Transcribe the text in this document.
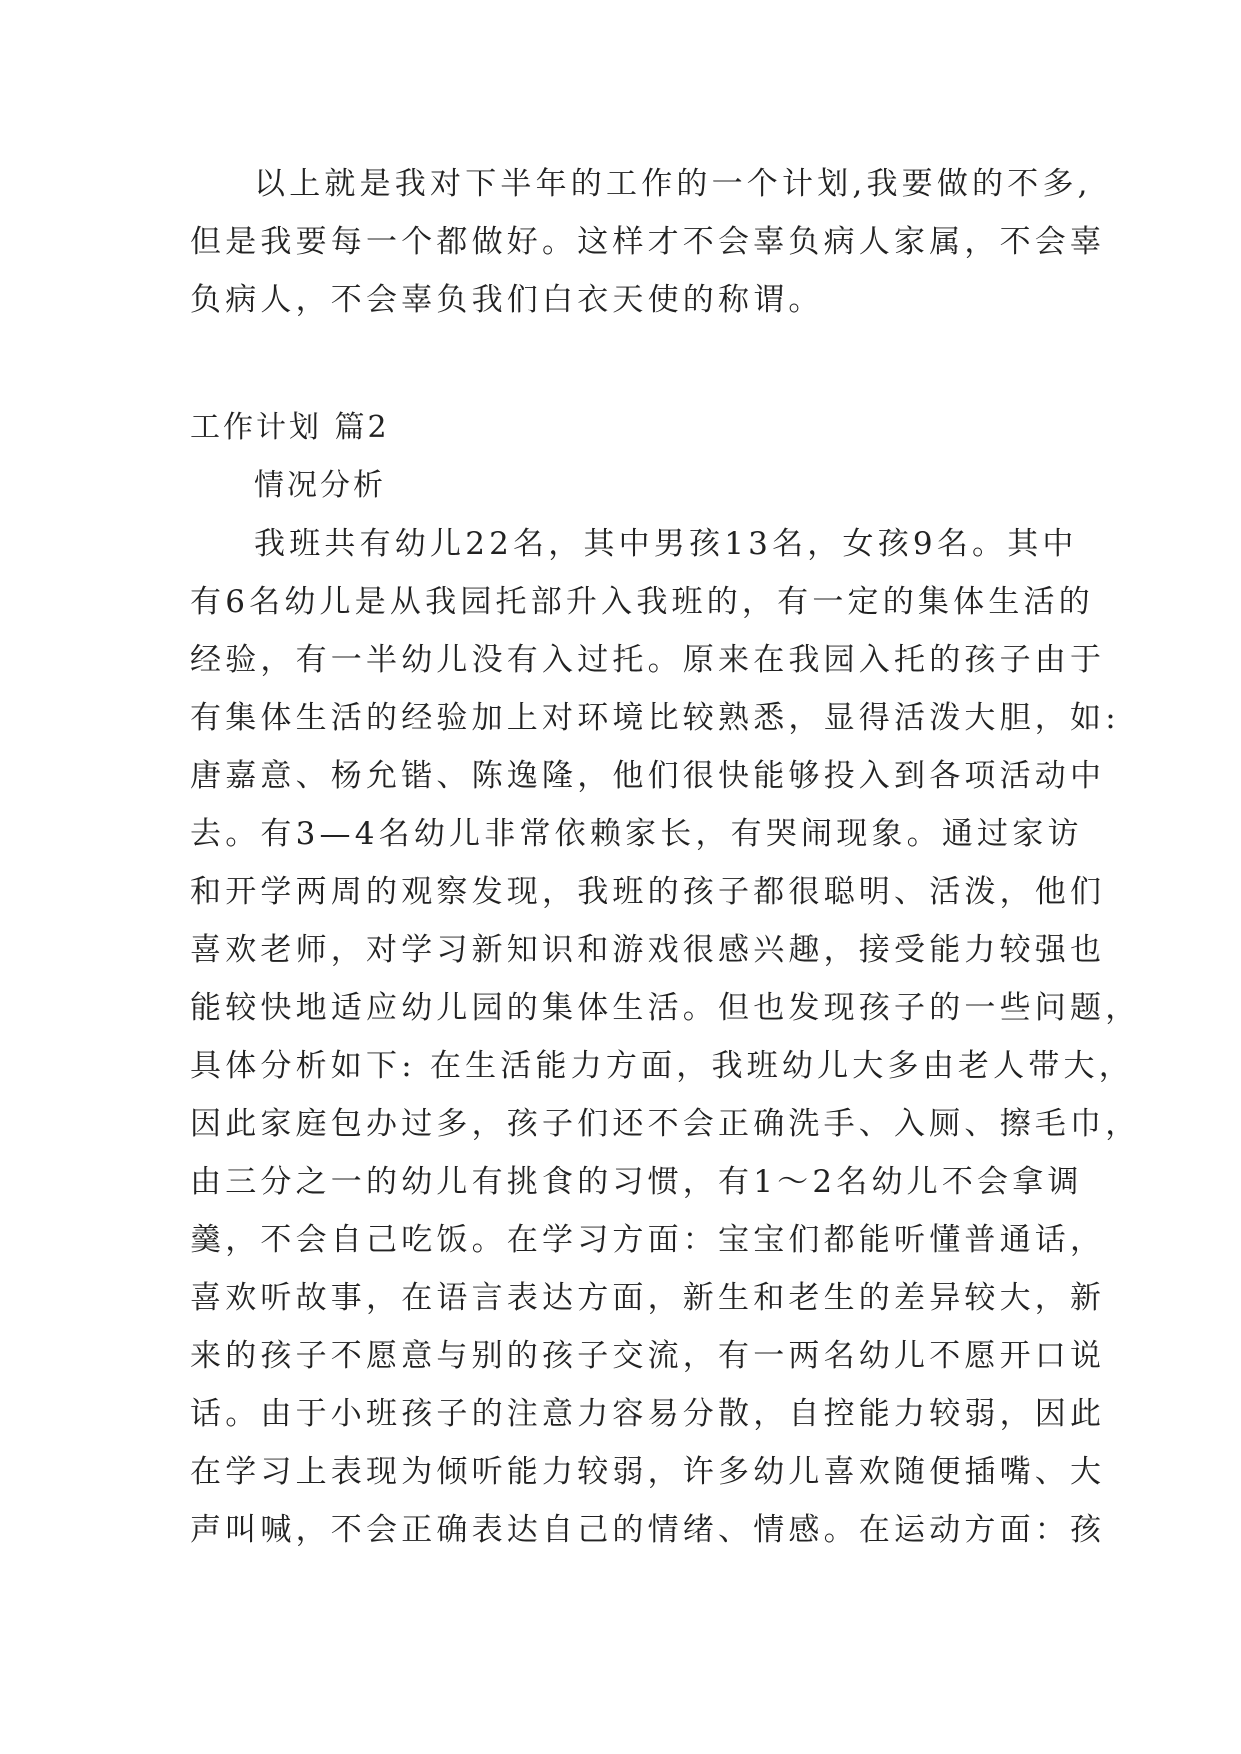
以上就是我对下半年的工作的一个计划,我要做的不多,
但是我要每一个都做好。这样才不会辜负病人家属，不会辜
负病人，不会辜负我们白衣天使的称谓。
工作计划 篇2
情况分析
我班共有幼儿22名，其中男孩13名，女孩9名。其中
有6名幼儿是从我园托部升入我班的，有一定的集体生活的
经验，有一半幼儿没有入过托。原来在我园入托的孩子由于
有集体生活的经验加上对环境比较熟悉，显得活泼大胆，如:
唐嘉意、杨允锴、陈逸隆，他们很快能够投入到各项活动中
去。有3—4名幼儿非常依赖家长，有哭闹现象。通过家访
和开学两周的观察发现，我班的孩子都很聪明、活泼，他们
喜欢老师，对学习新知识和游戏很感兴趣，接受能力较强也
能较快地适应幼儿园的集体生活。但也发现孩子的一些问题，
具体分析如下: 在生活能力方面，我班幼儿大多由老人带大，
因此家庭包办过多，孩子们还不会正确洗手、入厕、擦毛巾，
由三分之一的幼儿有挑食的习惯，有1～2名幼儿不会拿调
羹，不会自己吃饭。在学习方面：宝宝们都能听懂普通话，
喜欢听故事，在语言表达方面，新生和老生的差异较大，新
来的孩子不愿意与别的孩子交流，有一两名幼儿不愿开口说
话。由于小班孩子的注意力容易分散，自控能力较弱，因此
在学习上表现为倾听能力较弱，许多幼儿喜欢随便插嘴、大
声叫喊，不会正确表达自己的情绪、情感。在运动方面：孩
